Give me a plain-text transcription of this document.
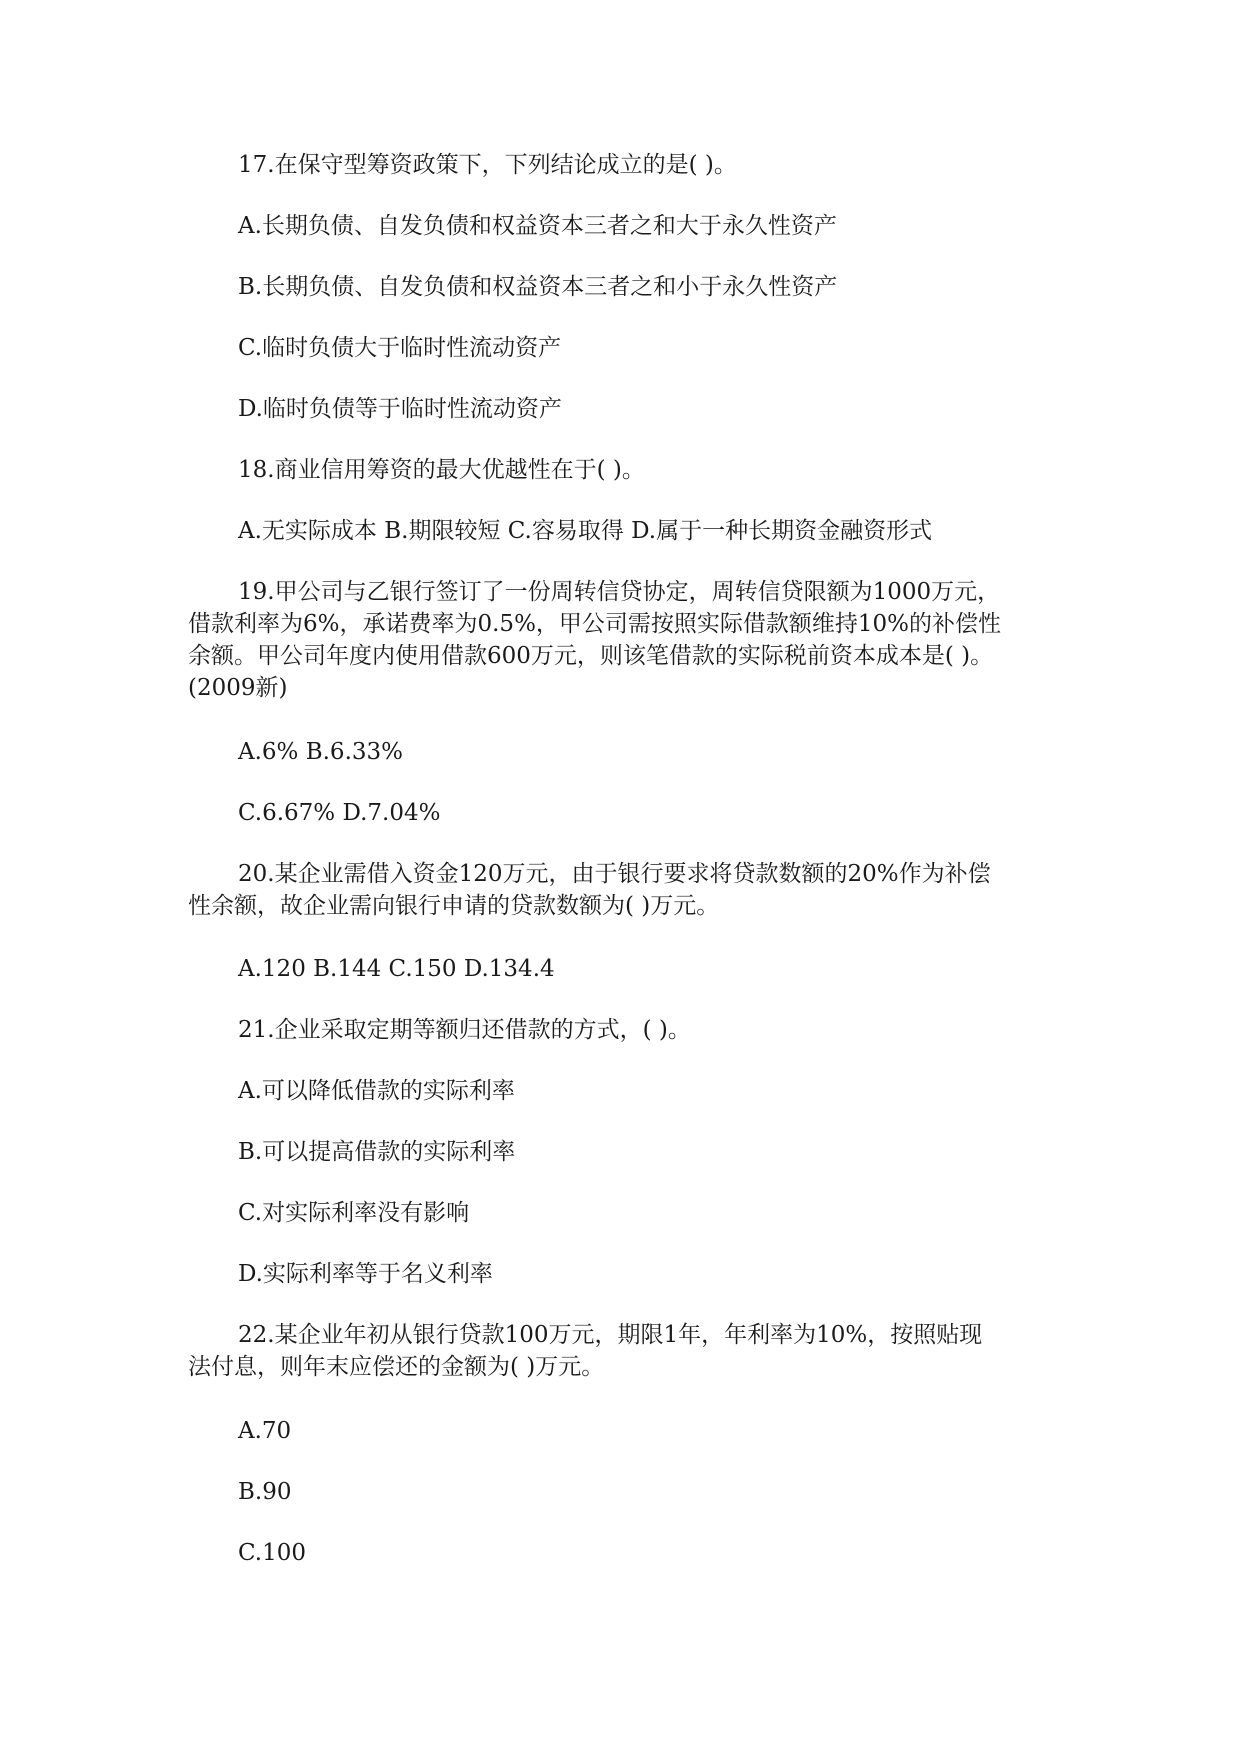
17.在保守型筹资政策下，下列结论成立的是( )。

A.长期负债、自发负债和权益资本三者之和大于永久性资产

B.长期负债、自发负债和权益资本三者之和小于永久性资产

C.临时负债大于临时性流动资产

D.临时负债等于临时性流动资产

18.商业信用筹资的最大优越性在于( )。

A.无实际成本 B.期限较短 C.容易取得 D.属于一种长期资金融资形式

19.甲公司与乙银行签订了一份周转信贷协定，周转信贷限额为1000万元，

借款利率为6%，承诺费率为0.5%，甲公司需按照实际借款额维持10%的补偿性

余额。甲公司年度内使用借款600万元，则该笔借款的实际税前资本成本是( )。

(2009新)

A.6% B.6.33%

C.6.67% D.7.04%

20.某企业需借入资金120万元，由于银行要求将贷款数额的20%作为补偿

性余额，故企业需向银行申请的贷款数额为( )万元。

A.120 B.144 C.150 D.134.4

21.企业采取定期等额归还借款的方式，( )。

A.可以降低借款的实际利率

B.可以提高借款的实际利率

C.对实际利率没有影响

D.实际利率等于名义利率

22.某企业年初从银行贷款100万元，期限1年，年利率为10%，按照贴现

法付息，则年末应偿还的金额为( )万元。

A.70

B.90

C.100
